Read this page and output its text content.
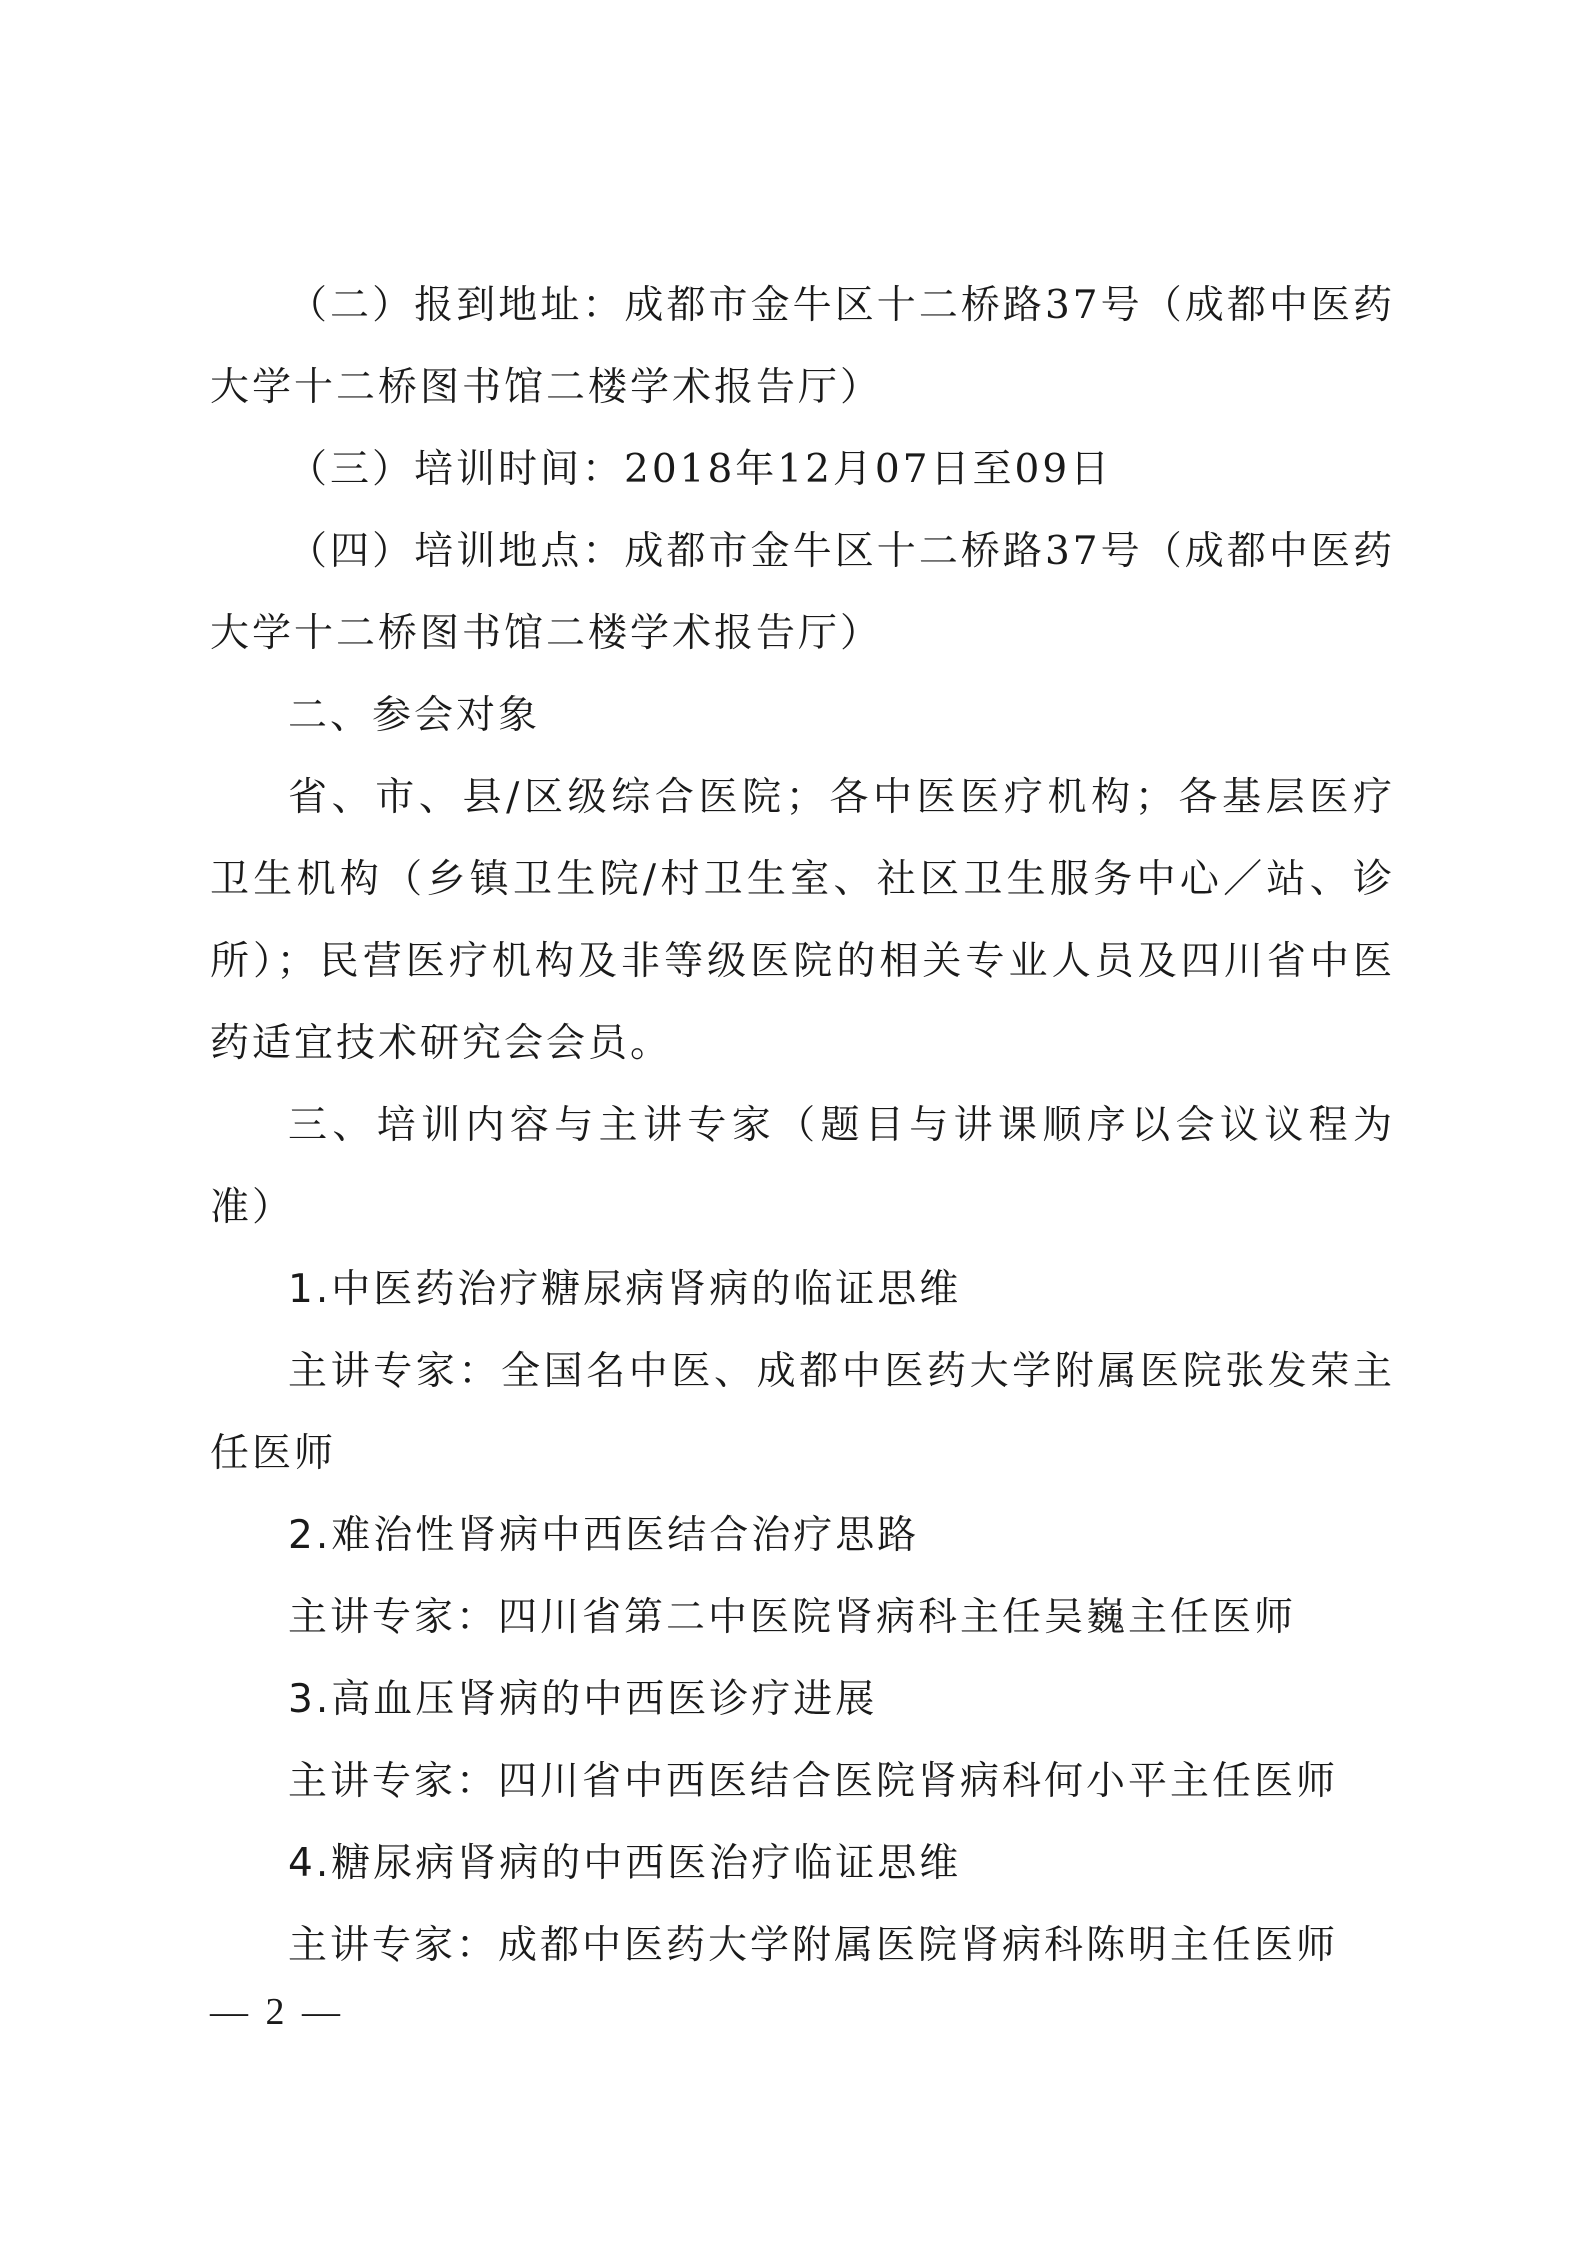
（二）报到地址：成都市金牛区十二桥路37号（成都中医药大学十二桥图书馆二楼学术报告厅）

（三）培训时间：2018年12月07日至09日

（四）培训地点：成都市金牛区十二桥路37号（成都中医药大学十二桥图书馆二楼学术报告厅）

二、参会对象

省、市、县/区级综合医院；各中医医疗机构；各基层医疗卫生机构（乡镇卫生院/村卫生室、社区卫生服务中心／站、诊所）；民营医疗机构及非等级医院的相关专业人员及四川省中医药适宜技术研究会会员。

三、培训内容与主讲专家（题目与讲课顺序以会议议程为准）

1.中医药治疗糖尿病肾病的临证思维

主讲专家：全国名中医、成都中医药大学附属医院张发荣主任医师

2.难治性肾病中西医结合治疗思路

主讲专家：四川省第二中医院肾病科主任吴巍主任医师

3.高血压肾病的中西医诊疗进展

主讲专家：四川省中西医结合医院肾病科何小平主任医师

4.糖尿病肾病的中西医治疗临证思维

主讲专家：成都中医药大学附属医院肾病科陈明主任医师

— 2 —
